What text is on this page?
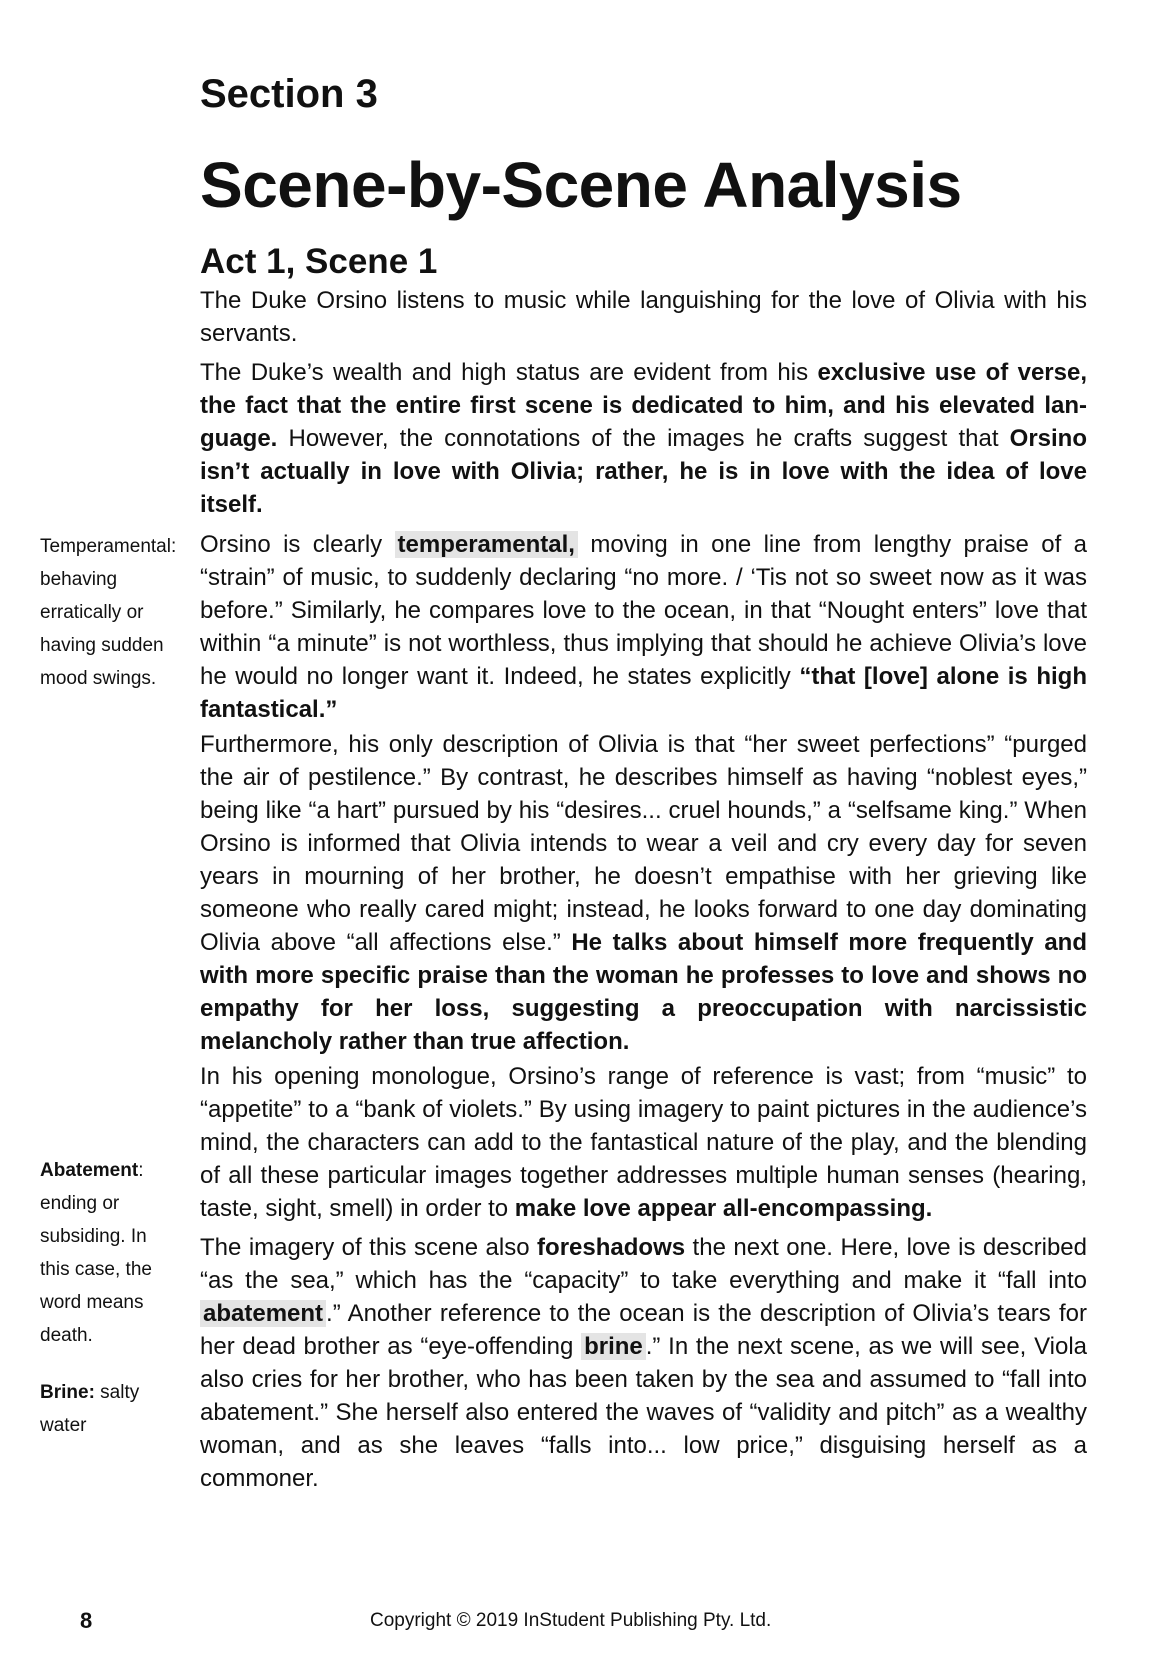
Section 3
Scene-by-Scene Analysis
Act 1, Scene 1

The Duke Orsino listens to music while languishing for the love of Olivia with his servants.

The Duke’s wealth and high status are evident from his exclusive use of verse, the fact that the entire first scene is dedicated to him, and his elevated language. However, the connotations of the images he crafts suggest that Orsino isn’t actually in love with Olivia; rather, he is in love with the idea of love itself.

Orsino is clearly temperamental, moving in one line from lengthy praise of a “strain” of music, to suddenly declaring “no more. / ‘Tis not so sweet now as it was before.” Similarly, he compares love to the ocean, in that “Nought enters” love that within “a minute” is not worthless, thus implying that should he achieve Olivia’s love he would no longer want it. Indeed, he states explicitly “that [love] alone is high fantastical.”

Furthermore, his only description of Olivia is that “her sweet perfections” “purged the air of pestilence.” By contrast, he describes himself as having “noblest eyes,” being like “a hart” pursued by his “desires... cruel hounds,” a “selfsame king.” When Orsino is informed that Olivia intends to wear a veil and cry every day for seven years in mourning of her brother, he doesn’t empathise with her grieving like someone who really cared might; instead, he looks forward to one day dominating Olivia above “all affections else.” He talks about himself more frequently and with more specific praise than the woman he professes to love and shows no empathy for her loss, suggesting a preoccupation with narcissistic melancholy rather than true affection.

In his opening monologue, Orsino’s range of reference is vast; from “music” to “appetite” to a “bank of violets.” By using imagery to paint pictures in the audience’s mind, the characters can add to the fantastical nature of the play, and the blending of all these particular images together addresses multiple human senses (hearing, taste, sight, smell) in order to make love appear all-encompassing.

The imagery of this scene also foreshadows the next one. Here, love is described “as the sea,” which has the “capacity” to take everything and make it “fall into abatement .” Another reference to the ocean is the description of Olivia’s tears for her dead brother as “eye-offending brine .” In the next scene, as we will see, Viola also cries for her brother, who has been taken by the sea and assumed to “fall into abatement.” She herself also entered the waves of “validity and pitch” as a wealthy woman, and as she leaves “falls into... low price,” disguising herself as a commoner.

Temperamental: behaving erratically or having sudden mood swings.

Abatement: ending or subsiding. In this case, the word means death.

Brine: salty water

8	Copyright © 2019 InStudent Publishing Pty. Ltd.
